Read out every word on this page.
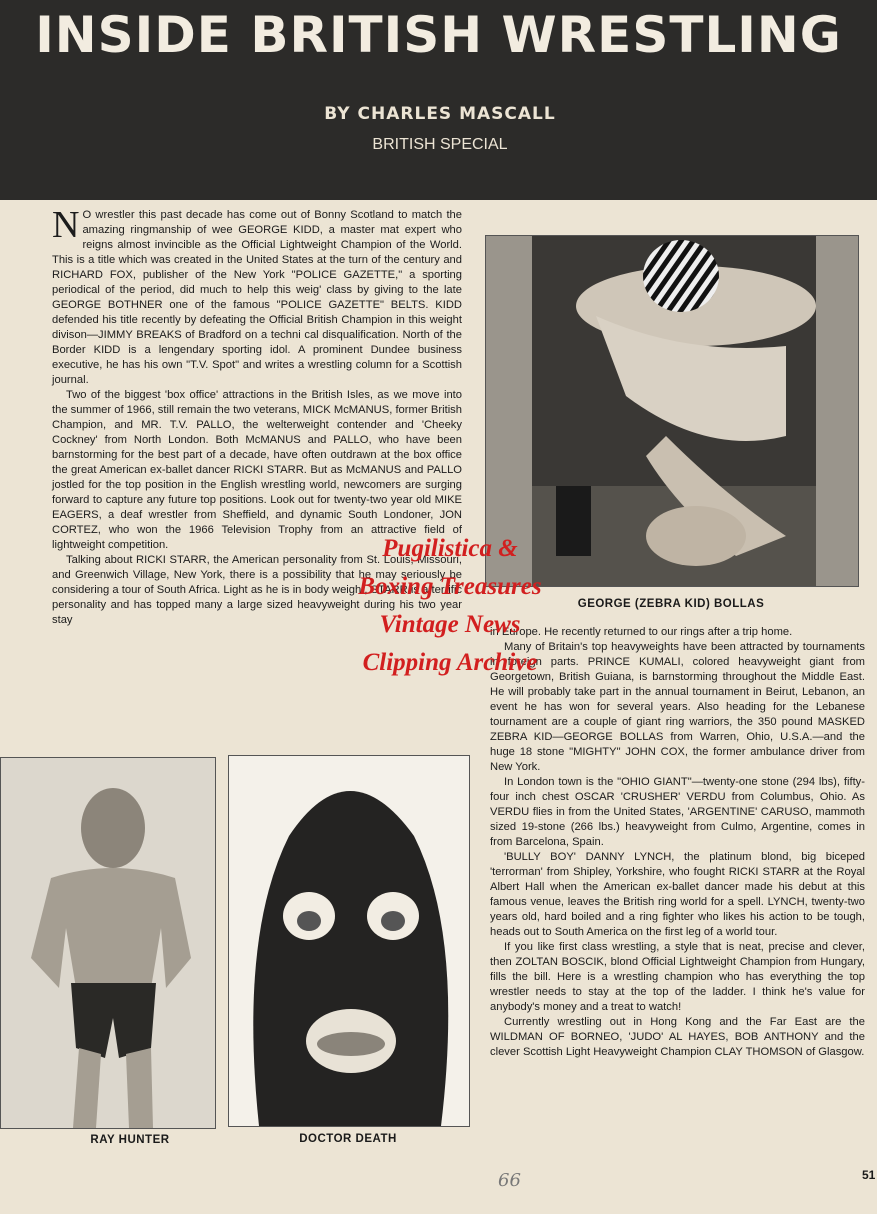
INSIDE BRITISH WRESTLING
BY CHARLES MASCALL
BRITISH SPECIAL

N O wrestler this past decade has come out of Bonny Scotland to match the amazing ringmanship of wee GEORGE KIDD, a master mat expert who reigns almost invincible as the Official Lightweight Champion of the World. This is a title which was created in the United States at the turn of the century and RICHARD FOX, publisher of the New York "POLICE GAZETTE," a sporting periodical of the period, did much to help this weig' class by giving to the late GEORGE BOTHNER one of the famous "POLICE GAZETTE" BELTS. KIDD defended his title recently by defeating the Official British Champion in this weight divison—JIMMY BREAKS of Bradford on a techni cal disqualification. North of the Border KIDD is a lengendary sporting idol. A prominent Dundee business executive, he has his own "T.V. Spot" and writes a wrestling column for a Scottish journal.

Two of the biggest 'box office' attractions in the British Isles, as we move into the summer of 1966, still remain the two veterans, MICK McMANUS, former British Champion, and MR. T.V. PALLO, the welterweight contender and 'Cheeky Cockney' from North London. Both McMANUS and PALLO, who have been barnstorming for the best part of a decade, have often outdrawn at the box office the great American ex-ballet dancer RICKI STARR. But as McMANUS and PALLO jostled for the top position in the English wrestling world, newcomers are surging forward to capture any future top positions. Look out for twenty-two year old MIKE EAGERS, a deaf wrestler from Sheffield, and dynamic South Londoner, JON CORTEZ, who won the 1966 Television Trophy from an attractive field of lightweight competition.

Talking about RICKI STARR, the American personality from St. Louis, Missouri, and Greenwich Village, New York, there is a possibility that he may seriously be considering a tour of South Africa. Light as he is in body weight, STARR is a terrific personality and has topped many a large sized heavyweight during his two year stay

GEORGE (ZEBRA KID) BOLLAS

in Europe. He recently returned to our rings after a trip home.

Many of Britain's top heavyweights have been attracted by tournaments in foreign parts. PRINCE KUMALI, colored heavyweight giant from Georgetown, British Guiana, is barnstorming throughout the Middle East. He will probably take part in the annual tournament in Beirut, Lebanon, an event he has won for several years. Also heading for the Lebanese tournament are a couple of giant ring warriors, the 350 pound MASKED ZEBRA KID—GEORGE BOLLAS from Warren, Ohio, U.S.A.—and the huge 18 stone "MIGHTY" JOHN COX, the former ambulance driver from New York.

In London town is the "OHIO GIANT"—twenty-one stone (294 lbs), fifty-four inch chest OSCAR 'CRUSHER' VERDU from Columbus, Ohio. As VERDU flies in from the United States, 'ARGENTINE' CARUSO, mammoth sized 19-stone (266 lbs.) heavyweight from Culmo, Argentine, comes in from Barcelona, Spain.

'BULLY BOY' DANNY LYNCH, the platinum blond, big biceped 'terrorman' from Shipley, Yorkshire, who fought RICKI STARR at the Royal Albert Hall when the American ex-ballet dancer made his debut at this famous venue, leaves the British ring world for a spell. LYNCH, twenty-two years old, hard boiled and a ring fighter who likes his action to be tough, heads out to South America on the first leg of a world tour.

If you like first class wrestling, a style that is neat, precise and clever, then ZOLTAN BOSCIK, blond Official Lightweight Champion from Hungary, fills the bill. Here is a wrestling champion who has everything the top wrestler needs to stay at the top of the ladder. I think he's value for anybody's money and a treat to watch!

Currently wrestling out in Hong Kong and the Far East are the WILDMAN OF BORNEO, 'JUDO' AL HAYES, BOB ANTHONY and the clever Scottish Light Heavyweight Champion CLAY THOMSON of Glasgow.

RAY HUNTER	DOCTOR DEATH
Pugilistica &
Boxing Treasures
Vintage News
Clipping Archive
66	51
